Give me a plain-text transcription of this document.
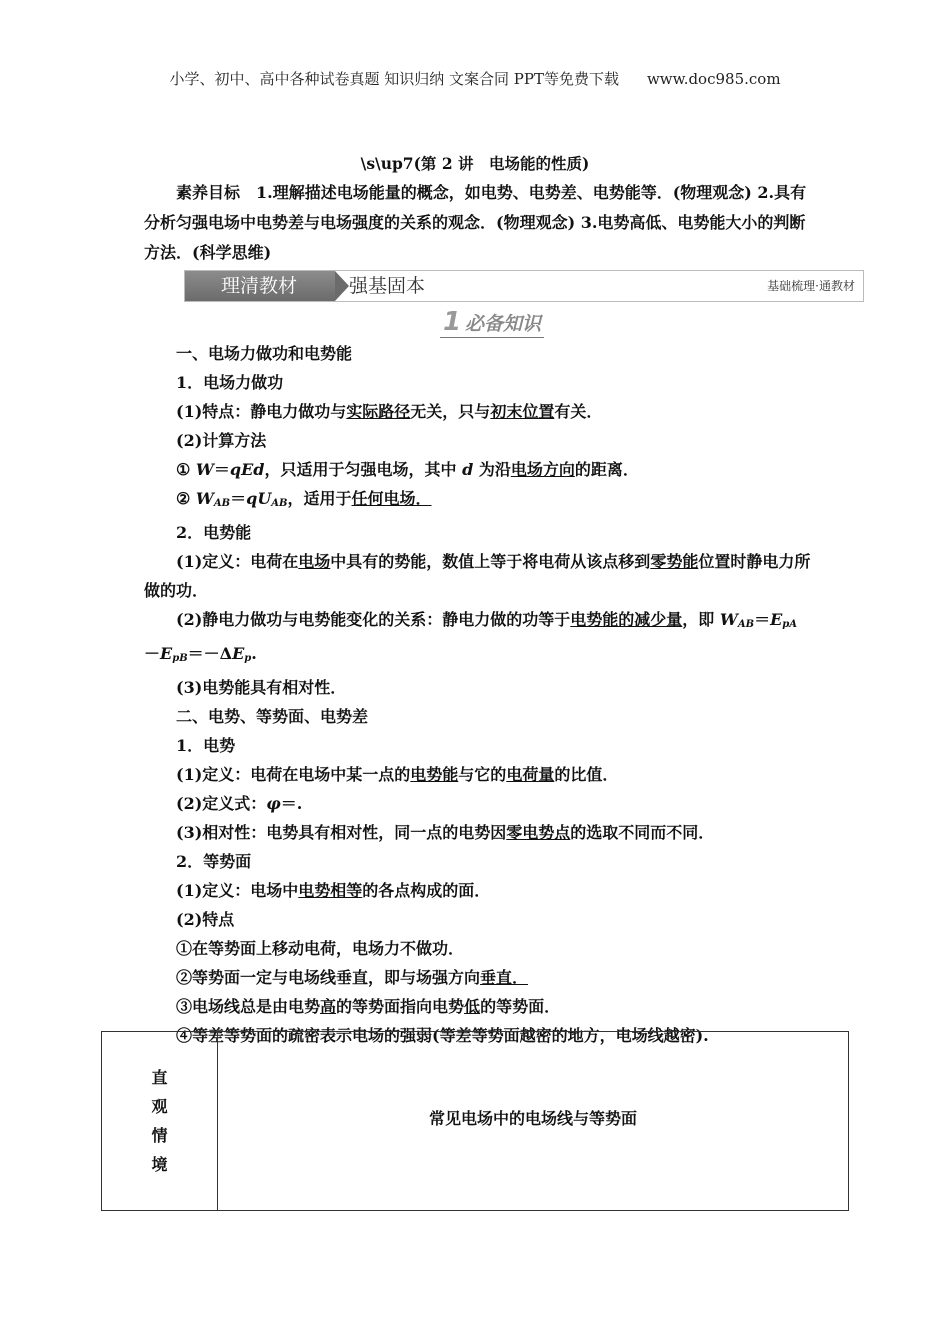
小学、初中、高中各种试卷真题 知识归纳 文案合同 PPT等免费下载 www.doc985.com
\s\up7(第 2 讲　电场能的性质)
素养目标　1.理解描述电场能量的概念，如电势、电势差、电势能等．(物理观念) 2.具有分析匀强电场中电势差与电场强度的关系的观念．(物理观念) 3.电势高低、电势能大小的判断方法．(科学思维)
理清教材	强基固本	基础梳理·通教材
1 必备知识
一、电场力做功和电势能
1．电场力做功
(1)特点：静电力做功与实际路径无关，只与初末位置有关．
(2)计算方法
① W＝qEd，只适用于匀强电场，其中 d 为沿电场方向的距离．
② $W_{AB}=qU_{AB}$，适用于任何电场．
2．电势能
(1)定义：电荷在电场中具有的势能，数值上等于将电荷从该点移到零势能位置时静电力所做的功．
(2)静电力做功与电势能变化的关系：静电力做的功等于电势能的减少量，即 $W_{AB}=E_{pA}$
$-E_{pB}=-\Delta E_p$.
(3)电势能具有相对性．
二、电势、等势面、电势差
1．电势
(1)定义：电荷在电场中某一点的电势能与它的电荷量的比值．
(2)定义式：φ＝.
(3)相对性：电势具有相对性，同一点的电势因零电势点的选取不同而不同．
2．等势面
(1)定义：电场中电势相等的各点构成的面．
(2)特点
①在等势面上移动电荷，电场力不做功．
②等势面一定与电场线垂直，即与场强方向垂直．
③电场线总是由电势高的等势面指向电势低的等势面．
④等差等势面的疏密表示电场的强弱(等差等势面越密的地方，电场线越密).
直
观
情
境
	常见电场中的电场线与等势面
